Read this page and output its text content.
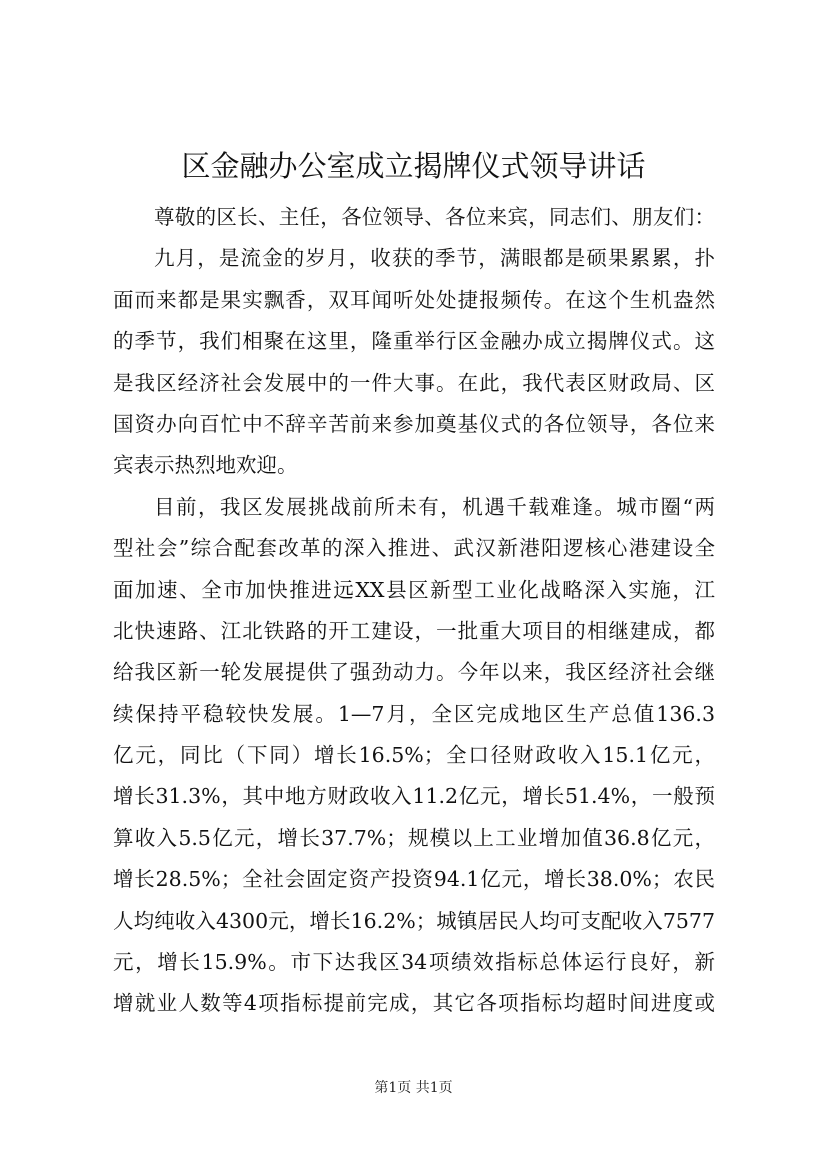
区金融办公室成立揭牌仪式领导讲话
尊敬的区长、主任，各位领导、各位来宾，同志们、朋友们：
九月，是流金的岁月，收获的季节，满眼都是硕果累累，扑
面而来都是果实飘香，双耳闻听处处捷报频传。在这个生机盎然
的季节，我们相聚在这里，隆重举行区金融办成立揭牌仪式。这
是我区经济社会发展中的一件大事。在此，我代表区财政局、区
国资办向百忙中不辞辛苦前来参加奠基仪式的各位领导，各位来
宾表示热烈地欢迎。
目前，我区发展挑战前所未有，机遇千载难逢。城市圈“两
型社会”综合配套改革的深入推进、武汉新港阳逻核心港建设全
面加速、全市加快推进远XX县区新型工业化战略深入实施，江
北快速路、江北铁路的开工建设，一批重大项目的相继建成，都
给我区新一轮发展提供了强劲动力。今年以来，我区经济社会继
续保持平稳较快发展。1—7月，全区完成地区生产总值136.3
亿元，同比（下同）增长16.5%；全口径财政收入15.1亿元，
增长31.3%，其中地方财政收入11.2亿元，增长51.4%，一般预
算收入5.5亿元，增长37.7%；规模以上工业增加值36.8亿元，
增长28.5%；全社会固定资产投资94.1亿元，增长38.0%；农民
人均纯收入4300元，增长16.2%；城镇居民人均可支配收入7577
元，增长15.9%。市下达我区34项绩效指标总体运行良好，新
增就业人数等4项指标提前完成，其它各项指标均超时间进度或
第1页 共1页
